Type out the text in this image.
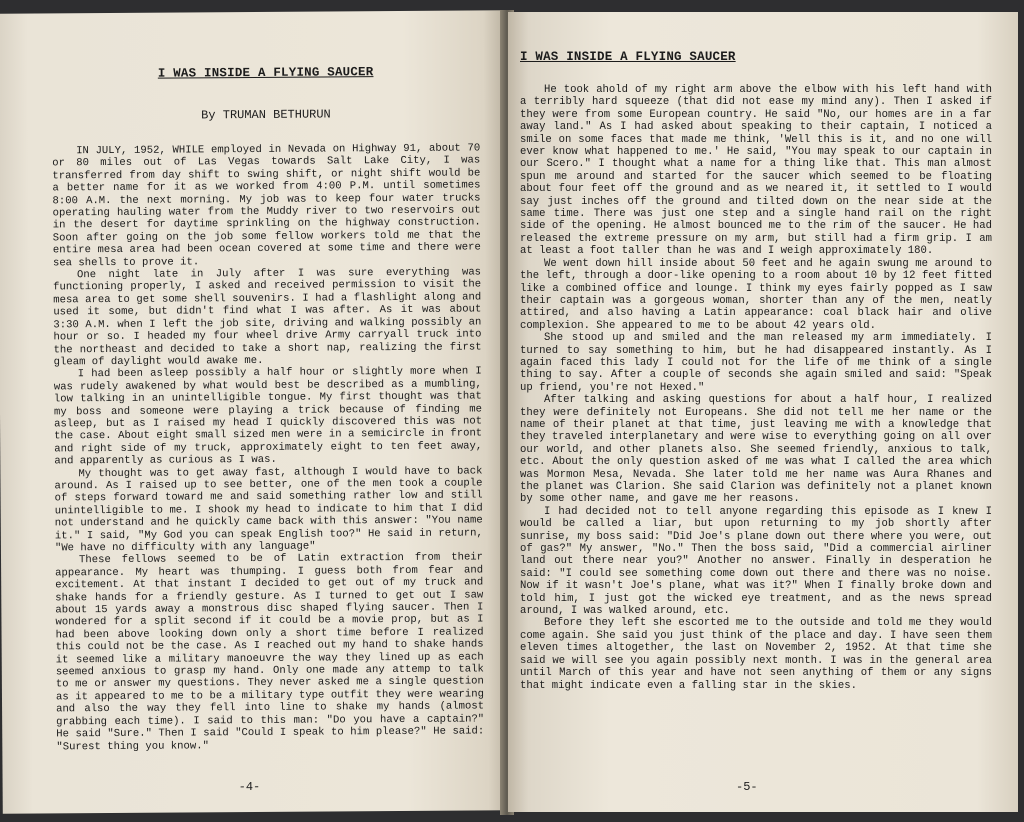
I WAS INSIDE A FLYING SAUCER
By TRUMAN BETHURUN

IN JULY, 1952, WHILE employed in Nevada on Highway 91, about 70 or 80 miles out of Las Vegas towards Salt Lake City, I was transferred from day shift to swing shift, or night shift would be a better name for it as we worked from 4:00 P.M. until sometimes 8:00 A.M. the next morning. My job was to keep four water trucks operating hauling water from the Muddy river to two reservoirs out in the desert for daytime sprinkling on the highway construction. Soon after going on the job some fellow workers told me that the entire mesa area had been ocean covered at some time and there were sea shells to prove it.

One night late in July after I was sure everything was functioning properly, I asked and received permission to visit the mesa area to get some shell souvenirs. I had a flashlight along and used it some, but didn't find what I was after. As it was about 3:30 A.M. when I left the job site, driving and walking possibly an hour or so. I headed my four wheel drive Army carryall truck into the northeast and decided to take a short nap, realizing the first gleam of daylight would awake me.

I had been asleep possibly a half hour or slightly more when I was rudely awakened by what would best be described as a mumbling, low talking in an unintelligible tongue. My first thought was that my boss and someone were playing a trick because of finding me asleep, but as I raised my head I quickly discovered this was not the case. About eight small sized men were in a semicircle in front and right side of my truck, approximately eight to ten feet away, and apparently as curious as I was.

My thought was to get away fast, although I would have to back around. As I raised up to see better, one of the men took a couple of steps forward toward me and said something rather low and still unintelligible to me. I shook my head to indicate to him that I did not understand and he quickly came back with this answer: "You name it." I said, "My God you can speak English too?" He said in return, "We have no difficulty with any language"

These fellows seemed to be of Latin extraction from their appearance. My heart was thumping. I guess both from fear and excitement. At that instant I decided to get out of my truck and shake hands for a friendly gesture. As I turned to get out I saw about 15 yards away a monstrous disc shaped flying saucer. Then I wondered for a split second if it could be a movie prop, but as I had been above looking down only a short time before I realized this could not be the case. As I reached out my hand to shake hands it seemed like a military manoeuvre the way they lined up as each seemed anxious to grasp my hand. Only one made any attemp to talk to me or answer my questions. They never asked me a single question as it appeared to me to be a military type outfit they were wearing and also the way they fell into line to shake my hands (almost grabbing each time). I said to this man: "Do you have a captain?" He said "Sure." Then I said "Could I speak to him please?" He said: "Surest thing you know."

-4-
I WAS INSIDE A FLYING SAUCER

He took ahold of my right arm above the elbow with his left hand with a terribly hard squeeze (that did not ease my mind any). Then I asked if they were from some European country. He said "No, our homes are in a far away land." As I had asked about speaking to their captain, I noticed a smile on some faces that made me think, 'Well this is it, and no one will ever know what happened to me.' He said, "You may speak to our captain in our Scero." I thought what a name for a thing like that. This man almost spun me around and started for the saucer which seemed to be floating about four feet off the ground and as we neared it, it settled to I would say just inches off the ground and tilted down on the near side at the same time. There was just one step and a single hand rail on the right side of the opening. He almost bounced me to the rim of the saucer. He had released the extreme pressure on my arm, but still had a firm grip. I am at least a foot taller than he was and I weigh approximately 180.

We went down hill inside about 50 feet and he again swung me around to the left, through a door-like opening to a room about 10 by 12 feet fitted like a combined office and lounge. I think my eyes fairly popped as I saw their captain was a gorgeous woman, shorter than any of the men, neatly attired, and also having a Latin appearance: coal black hair and olive complexion. She appeared to me to be about 42 years old.

She stood up and smiled and the man released my arm immediately. I turned to say something to him, but he had disappeared instantly. As I again faced this lady I could not for the life of me think of a single thing to say. After a couple of seconds she again smiled and said: "Speak up friend, you're not Hexed."

After talking and asking questions for about a half hour, I realized they were definitely not Europeans. She did not tell me her name or the name of their planet at that time, just leaving me with a knowledge that they traveled interplanetary and were wise to everything going on all over our world, and other planets also. She seemed friendly, anxious to talk, etc. About the only question asked of me was what I called the area which was Mormon Mesa, Nevada. She later told me her name was Aura Rhanes and the planet was Clarion. She said Clarion was definitely not a planet known by some other name, and gave me her reasons.

I had decided not to tell anyone regarding this episode as I knew I would be called a liar, but upon returning to my job shortly after sunrise, my boss said: "Did Joe's plane down out there where you were, out of gas?" My answer, "No." Then the boss said, "Did a commercial airliner land out there near you?" Another no answer. Finally in desperation he said: "I could see something come down out there and there was no noise. Now if it wasn't Joe's plane, what was it?" When I finally broke down and told him, I just got the wicked eye treatment, and as the news spread around, I was walked around, etc.

Before they left she escorted me to the outside and told me they would come again. She said you just think of the place and day. I have seen them eleven times altogether, the last on November 2, 1952. At that time she said we will see you again possibly next month. I was in the general area until March of this year and have not seen anything of them or any signs that might indicate even a falling star in the skies.

-5-
